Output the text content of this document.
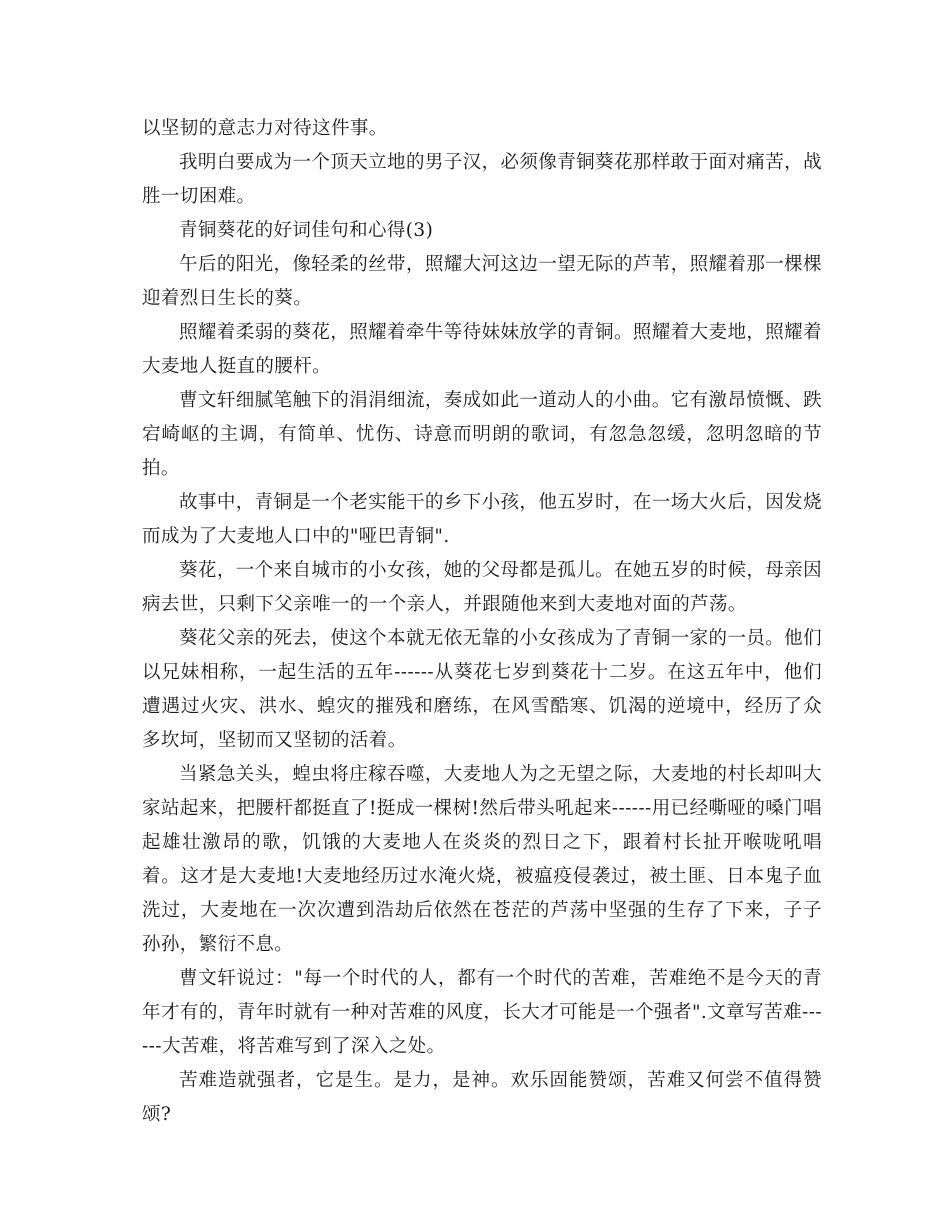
以坚韧的意志力对待这件事。

我明白要成为一个顶天立地的男子汉，必须像青铜葵花那样敢于面对痛苦，战胜一切困难。

青铜葵花的好词佳句和心得(3)

午后的阳光，像轻柔的丝带，照耀大河这边一望无际的芦苇，照耀着那一棵棵迎着烈日生长的葵。

照耀着柔弱的葵花，照耀着牵牛等待妹妹放学的青铜。照耀着大麦地，照耀着大麦地人挺直的腰杆。

曹文轩细腻笔触下的涓涓细流，奏成如此一道动人的小曲。它有激昂愤慨、跌宕崎岖的主调，有简单、忧伤、诗意而明朗的歌词，有忽急忽缓，忽明忽暗的节拍。

故事中，青铜是一个老实能干的乡下小孩，他五岁时，在一场大火后，因发烧而成为了大麦地人口中的"哑巴青铜".

葵花，一个来自城市的小女孩，她的父母都是孤儿。在她五岁的时候，母亲因病去世，只剩下父亲唯一的一个亲人，并跟随他来到大麦地对面的芦荡。

葵花父亲的死去，使这个本就无依无靠的小女孩成为了青铜一家的一员。他们以兄妹相称，一起生活的五年------从葵花七岁到葵花十二岁。在这五年中，他们遭遇过火灾、洪水、蝗灾的摧残和磨练，在风雪酷寒、饥渴的逆境中，经历了众多坎坷，坚韧而又坚韧的活着。

当紧急关头，蝗虫将庄稼吞噬，大麦地人为之无望之际，大麦地的村长却叫大家站起来，把腰杆都挺直了!挺成一棵树!然后带头吼起来------用已经嘶哑的嗓门唱起雄壮激昂的歌，饥饿的大麦地人在炎炎的烈日之下，跟着村长扯开喉咙吼唱着。这才是大麦地!大麦地经历过水淹火烧，被瘟疫侵袭过，被土匪、日本鬼子血洗过，大麦地在一次次遭到浩劫后依然在苍茫的芦荡中坚强的生存了下来，子子孙孙，繁衍不息。

曹文轩说过："每一个时代的人，都有一个时代的苦难，苦难绝不是今天的青年才有的，青年时就有一种对苦难的风度，长大才可能是一个强者".文章写苦难------大苦难，将苦难写到了深入之处。

苦难造就强者，它是生。是力，是神。欢乐固能赞颂，苦难又何尝不值得赞颂?
